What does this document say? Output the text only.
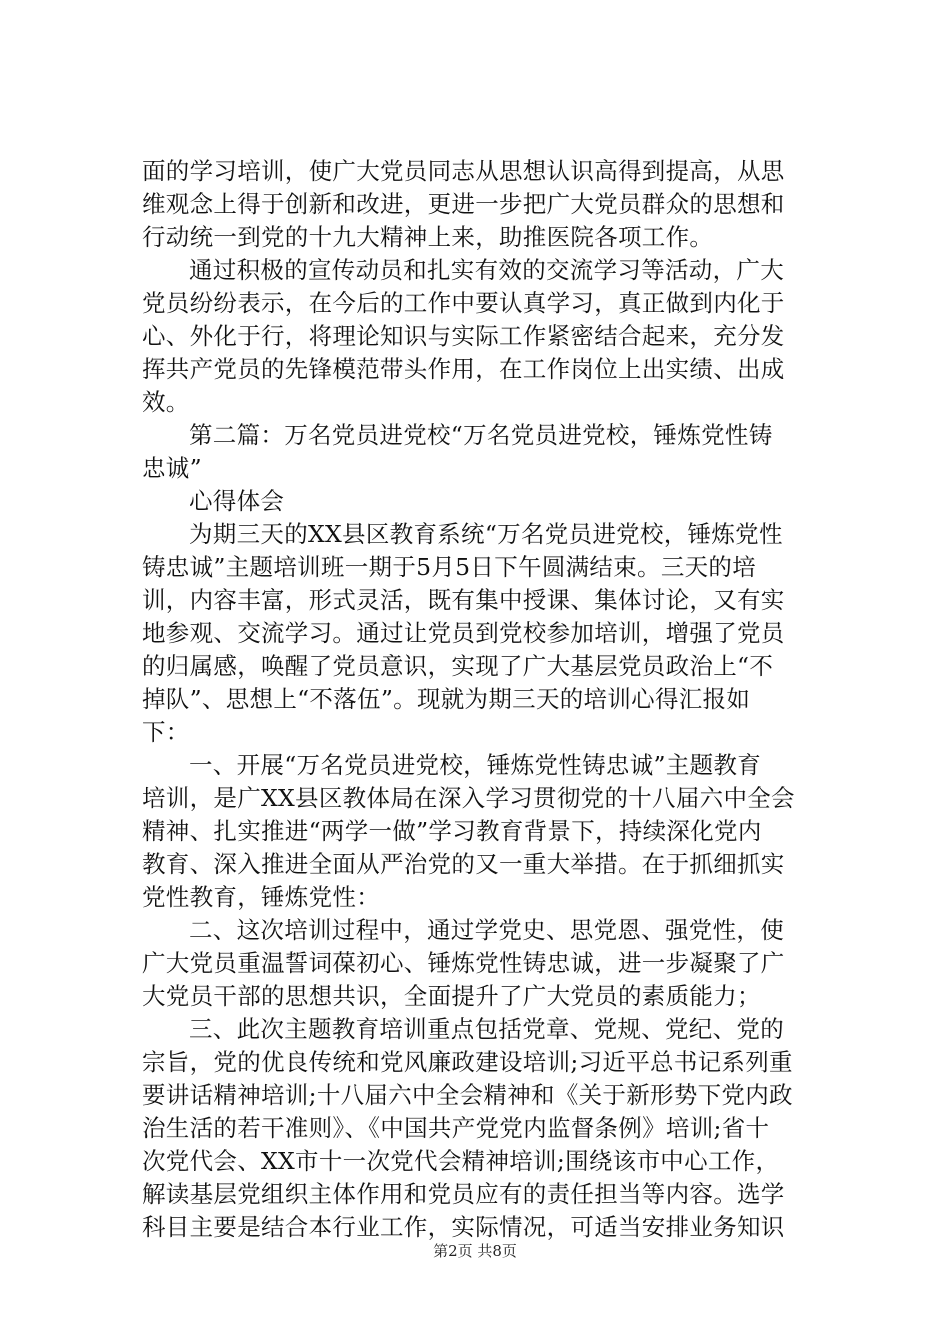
面的学习培训，使广大党员同志从思想认识高得到提高，从思
维观念上得于创新和改进，更进一步把广大党员群众的思想和
行动统一到党的十九大精神上来，助推医院各项工作。
通过积极的宣传动员和扎实有效的交流学习等活动，广大
党员纷纷表示，在今后的工作中要认真学习，真正做到内化于
心、外化于行，将理论知识与实际工作紧密结合起来，充分发
挥共产党员的先锋模范带头作用，在工作岗位上出实绩、出成
效。
第二篇：万名党员进党校“万名党员进党校，锤炼党性铸
忠诚”
心得体会
为期三天的XX县区教育系统“万名党员进党校，锤炼党性
铸忠诚”主题培训班一期于5月5日下午圆满结束。三天的培
训，内容丰富，形式灵活，既有集中授课、集体讨论，又有实
地参观、交流学习。通过让党员到党校参加培训，增强了党员
的归属感，唤醒了党员意识，实现了广大基层党员政治上“不
掉队”、思想上“不落伍”。现就为期三天的培训心得汇报如
下：
一、开展“万名党员进党校，锤炼党性铸忠诚”主题教育
培训，是广XX县区教体局在深入学习贯彻党的十八届六中全会
精神、扎实推进“两学一做”学习教育背景下，持续深化党内
教育、深入推进全面从严治党的又一重大举措。在于抓细抓实
党性教育，锤炼党性：
二、这次培训过程中，通过学党史、思党恩、强党性，使
广大党员重温誓词葆初心、锤炼党性铸忠诚，进一步凝聚了广
大党员干部的思想共识，全面提升了广大党员的素质能力；
三、此次主题教育培训重点包括党章、党规、党纪、党的
宗旨，党的优良传统和党风廉政建设培训;习近平总书记系列重
要讲话精神培训;十八届六中全会精神和《关于新形势下党内政
治生活的若干准则》、《中国共产党党内监督条例》培训;省十
次党代会、XX市十一次党代会精神培训;围绕该市中心工作，
解读基层党组织主体作用和党员应有的责任担当等内容。选学
科目主要是结合本行业工作，实际情况，可适当安排业务知识
第2页 共8页
